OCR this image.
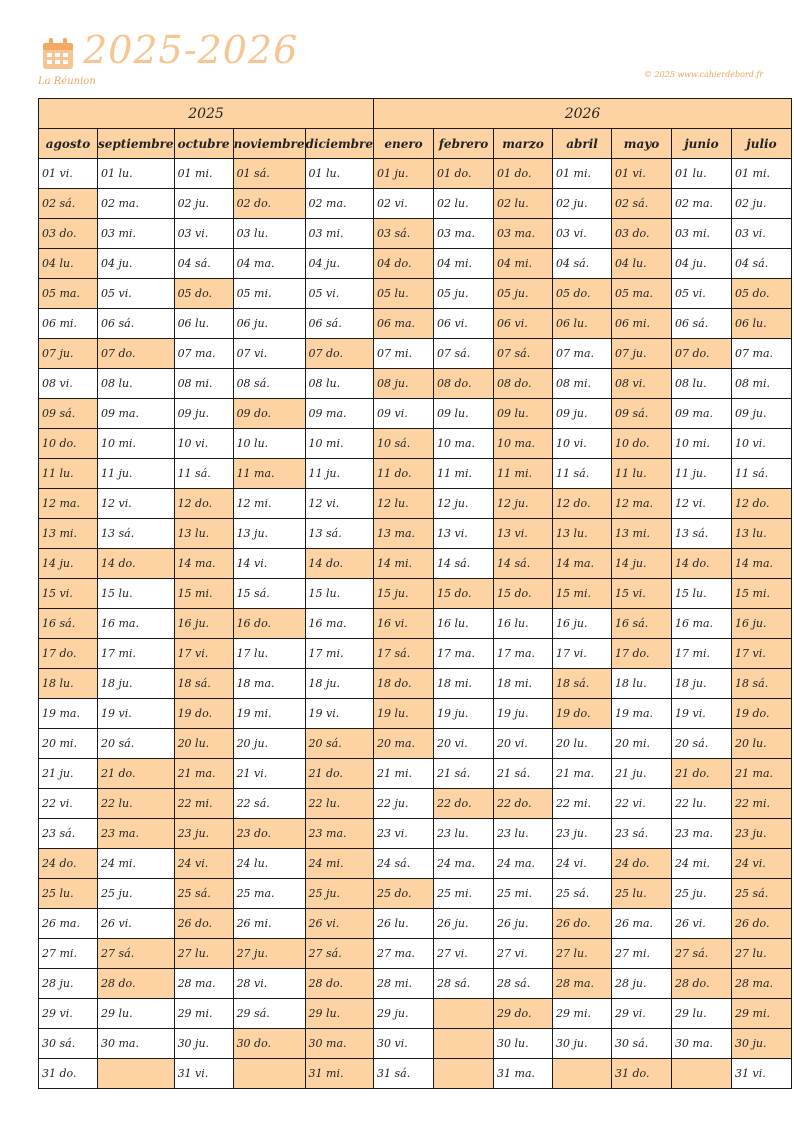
2025-2026
La Réunion
© 2025 www.cahierdebord.fr
2025					2026						
agosto	septiembre	octubre	noviembre	diciembre	enero	febrero	marzo	abril	mayo	junio	julio
01 vi.	01 lu.	01 mi.	01 sá.	01 lu.	01 ju.	01 do.	01 do.	01 mi.	01 vi.	01 lu.	01 mi.
02 sá.	02 ma.	02 ju.	02 do.	02 ma.	02 vi.	02 lu.	02 lu.	02 ju.	02 sá.	02 ma.	02 ju.
03 do.	03 mi.	03 vi.	03 lu.	03 mi.	03 sá.	03 ma.	03 ma.	03 vi.	03 do.	03 mi.	03 vi.
04 lu.	04 ju.	04 sá.	04 ma.	04 ju.	04 do.	04 mi.	04 mi.	04 sá.	04 lu.	04 ju.	04 sá.
05 ma.	05 vi.	05 do.	05 mi.	05 vi.	05 lu.	05 ju.	05 ju.	05 do.	05 ma.	05 vi.	05 do.
06 mi.	06 sá.	06 lu.	06 ju.	06 sá.	06 ma.	06 vi.	06 vi.	06 lu.	06 mi.	06 sá.	06 lu.
07 ju.	07 do.	07 ma.	07 vi.	07 do.	07 mi.	07 sá.	07 sá.	07 ma.	07 ju.	07 do.	07 ma.
08 vi.	08 lu.	08 mi.	08 sá.	08 lu.	08 ju.	08 do.	08 do.	08 mi.	08 vi.	08 lu.	08 mi.
09 sá.	09 ma.	09 ju.	09 do.	09 ma.	09 vi.	09 lu.	09 lu.	09 ju.	09 sá.	09 ma.	09 ju.
10 do.	10 mi.	10 vi.	10 lu.	10 mi.	10 sá.	10 ma.	10 ma.	10 vi.	10 do.	10 mi.	10 vi.
11 lu.	11 ju.	11 sá.	11 ma.	11 ju.	11 do.	11 mi.	11 mi.	11 sá.	11 lu.	11 ju.	11 sá.
12 ma.	12 vi.	12 do.	12 mi.	12 vi.	12 lu.	12 ju.	12 ju.	12 do.	12 ma.	12 vi.	12 do.
13 mi.	13 sá.	13 lu.	13 ju.	13 sá.	13 ma.	13 vi.	13 vi.	13 lu.	13 mi.	13 sá.	13 lu.
14 ju.	14 do.	14 ma.	14 vi.	14 do.	14 mi.	14 sá.	14 sá.	14 ma.	14 ju.	14 do.	14 ma.
15 vi.	15 lu.	15 mi.	15 sá.	15 lu.	15 ju.	15 do.	15 do.	15 mi.	15 vi.	15 lu.	15 mi.
16 sá.	16 ma.	16 ju.	16 do.	16 ma.	16 vi.	16 lu.	16 lu.	16 ju.	16 sá.	16 ma.	16 ju.
17 do.	17 mi.	17 vi.	17 lu.	17 mi.	17 sá.	17 ma.	17 ma.	17 vi.	17 do.	17 mi.	17 vi.
18 lu.	18 ju.	18 sá.	18 ma.	18 ju.	18 do.	18 mi.	18 mi.	18 sá.	18 lu.	18 ju.	18 sá.
19 ma.	19 vi.	19 do.	19 mi.	19 vi.	19 lu.	19 ju.	19 ju.	19 do.	19 ma.	19 vi.	19 do.
20 mi.	20 sá.	20 lu.	20 ju.	20 sá.	20 ma.	20 vi.	20 vi.	20 lu.	20 mi.	20 sá.	20 lu.
21 ju.	21 do.	21 ma.	21 vi.	21 do.	21 mi.	21 sá.	21 sá.	21 ma.	21 ju.	21 do.	21 ma.
22 vi.	22 lu.	22 mi.	22 sá.	22 lu.	22 ju.	22 do.	22 do.	22 mi.	22 vi.	22 lu.	22 mi.
23 sá.	23 ma.	23 ju.	23 do.	23 ma.	23 vi.	23 lu.	23 lu.	23 ju.	23 sá.	23 ma.	23 ju.
24 do.	24 mi.	24 vi.	24 lu.	24 mi.	24 sá.	24 ma.	24 ma.	24 vi.	24 do.	24 mi.	24 vi.
25 lu.	25 ju.	25 sá.	25 ma.	25 ju.	25 do.	25 mi.	25 mi.	25 sá.	25 lu.	25 ju.	25 sá.
26 ma.	26 vi.	26 do.	26 mi.	26 vi.	26 lu.	26 ju.	26 ju.	26 do.	26 ma.	26 vi.	26 do.
27 mi.	27 sá.	27 lu.	27 ju.	27 sá.	27 ma.	27 vi.	27 vi.	27 lu.	27 mi.	27 sá.	27 lu.
28 ju.	28 do.	28 ma.	28 vi.	28 do.	28 mi.	28 sá.	28 sá.	28 ma.	28 ju.	28 do.	28 ma.
29 vi.	29 lu.	29 mi.	29 sá.	29 lu.	29 ju.		29 do.	29 mi.	29 vi.	29 lu.	29 mi.
30 sá.	30 ma.	30 ju.	30 do.	30 ma.	30 vi.		30 lu.	30 ju.	30 sá.	30 ma.	30 ju.
31 do.		31 vi.		31 mi.	31 sá.		31 ma.		31 do.		31 vi.
